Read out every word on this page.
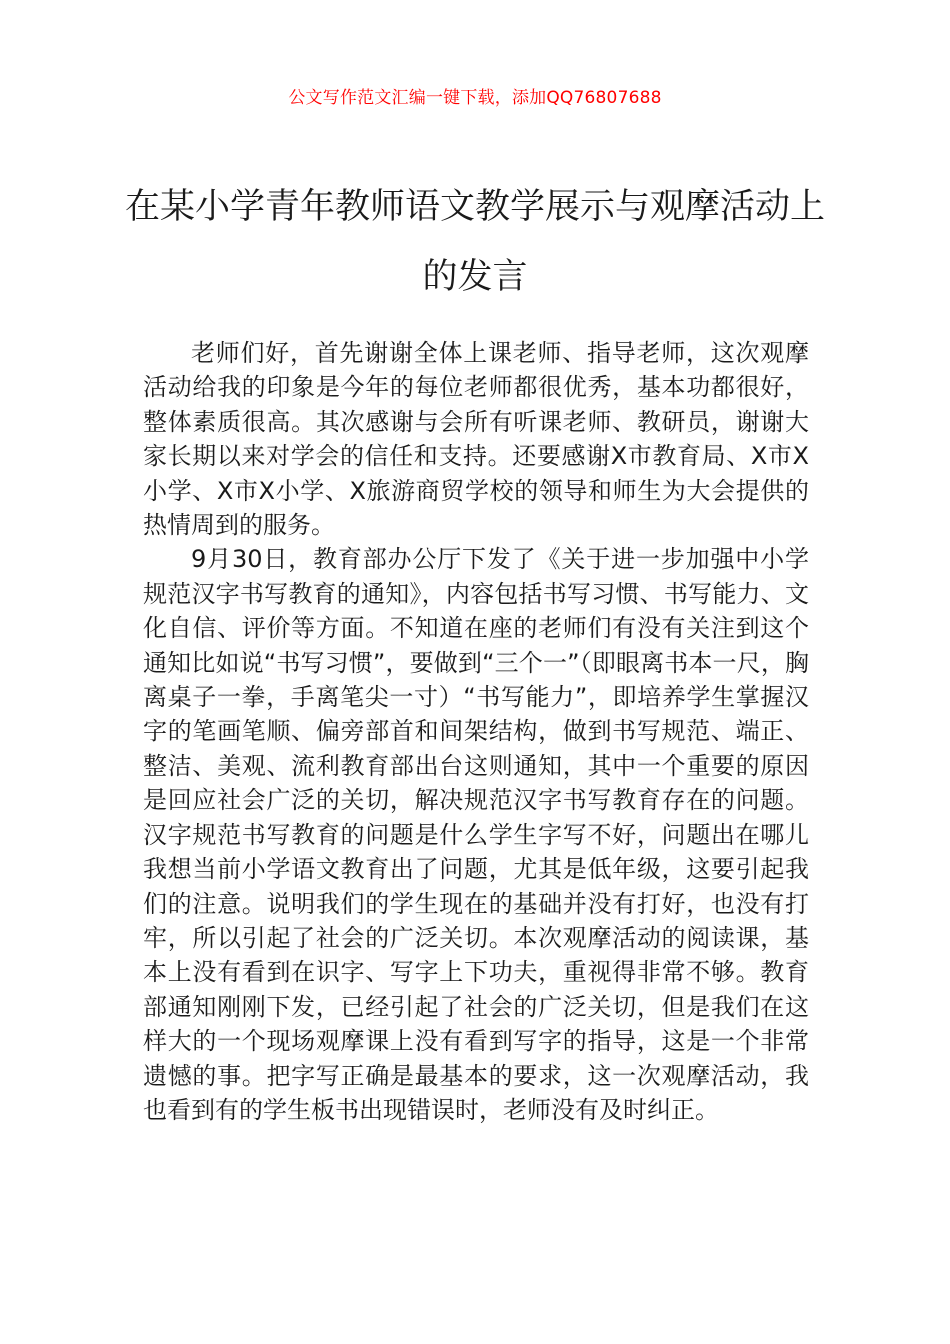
公文写作范文汇编一键下载，添加QQ76807688
在某小学青年教师语文教学展示与观摩活动上的发言

老师们好，首先谢谢全体上课老师、指导老师，这次观摩活动给我的印象是今年的每位老师都很优秀，基本功都很好，整体素质很高。其次感谢与会所有听课老师、教研员，谢谢大家长期以来对学会的信任和支持。还要感谢X市教育局、X市X小学、X市X小学、X旅游商贸学校的领导和师生为大会提供的热情周到的服务。

9月30日，教育部办公厅下发了《关于进一步加强中小学规范汉字书写教育的通知》，内容包括书写习惯、书写能力、文化自信、评价等方面。不知道在座的老师们有没有关注到这个通知比如说“书写习惯”，要做到“三个一”（即眼离书本一尺，胸离桌子一拳，手离笔尖一寸）“书写能力”，即培养学生掌握汉字的笔画笔顺、偏旁部首和间架结构，做到书写规范、端正、整洁、美观、流利教育部出台这则通知，其中一个重要的原因是回应社会广泛的关切，解决规范汉字书写教育存在的问题。汉字规范书写教育的问题是什么学生字写不好，问题出在哪儿我想当前小学语文教育出了问题，尤其是低年级，这要引起我们的注意。说明我们的学生现在的基础并没有打好，也没有打牢，所以引起了社会的广泛关切。本次观摩活动的阅读课，基本上没有看到在识字、写字上下功夫，重视得非常不够。教育部通知刚刚下发，已经引起了社会的广泛关切，但是我们在这样大的一个现场观摩课上没有看到写字的指导，这是一个非常遗憾的事。把字写正确是最基本的要求，这一次观摩活动，我也看到有的学生板书出现错误时，老师没有及时纠正。
